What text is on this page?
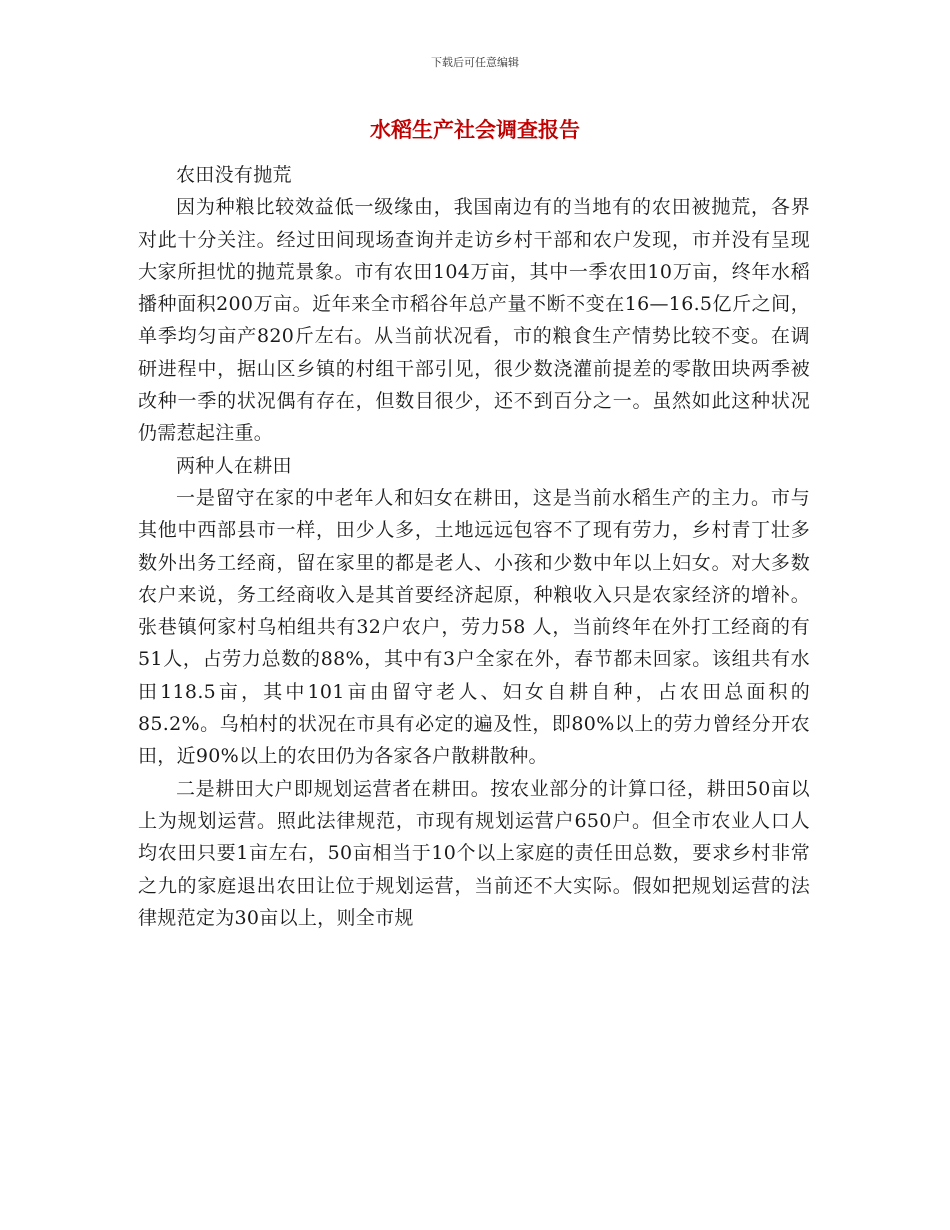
下载后可任意编辑
水稻生产社会调查报告

农田没有抛荒

因为种粮比较效益低一级缘由，我国南边有的当地有的农田被抛荒，各界对此十分关注。经过田间现场查询并走访乡村干部和农户发现，市并没有呈现大家所担忧的抛荒景象。市有农田104万亩，其中一季农田10万亩，终年水稻播种面积200万亩。近年来全市稻谷年总产量不断不变在16—16.5亿斤之间，单季均匀亩产820斤左右。从当前状况看，市的粮食生产情势比较不变。在调研进程中，据山区乡镇的村组干部引见，很少数浇灌前提差的零散田块两季被改种一季的状况偶有存在，但数目很少，还不到百分之一。虽然如此这种状况仍需惹起注重。

两种人在耕田

一是留守在家的中老年人和妇女在耕田，这是当前水稻生产的主力。市与其他中西部县市一样，田少人多，土地远远包容不了现有劳力，乡村青丁壮多数外出务工经商，留在家里的都是老人、小孩和少数中年以上妇女。对大多数农户来说，务工经商收入是其首要经济起原，种粮收入只是农家经济的增补。张巷镇何家村乌柏组共有32户农户，劳力58 人，当前终年在外打工经商的有51人，占劳力总数的88%，其中有3户全家在外，春节都未回家。该组共有水田118.5亩，其中101亩由留守老人、妇女自耕自种，占农田总面积的85.2%。乌柏村的状况在市具有必定的遍及性，即80%以上的劳力曾经分开农田，近90%以上的农田仍为各家各户散耕散种。

二是耕田大户即规划运营者在耕田。按农业部分的计算口径，耕田50亩以上为规划运营。照此法律规范，市现有规划运营户650户。但全市农业人口人均农田只要1亩左右，50亩相当于10个以上家庭的责任田总数，要求乡村非常之九的家庭退出农田让位于规划运营，当前还不大实际。假如把规划运营的法律规范定为30亩以上，则全市规
